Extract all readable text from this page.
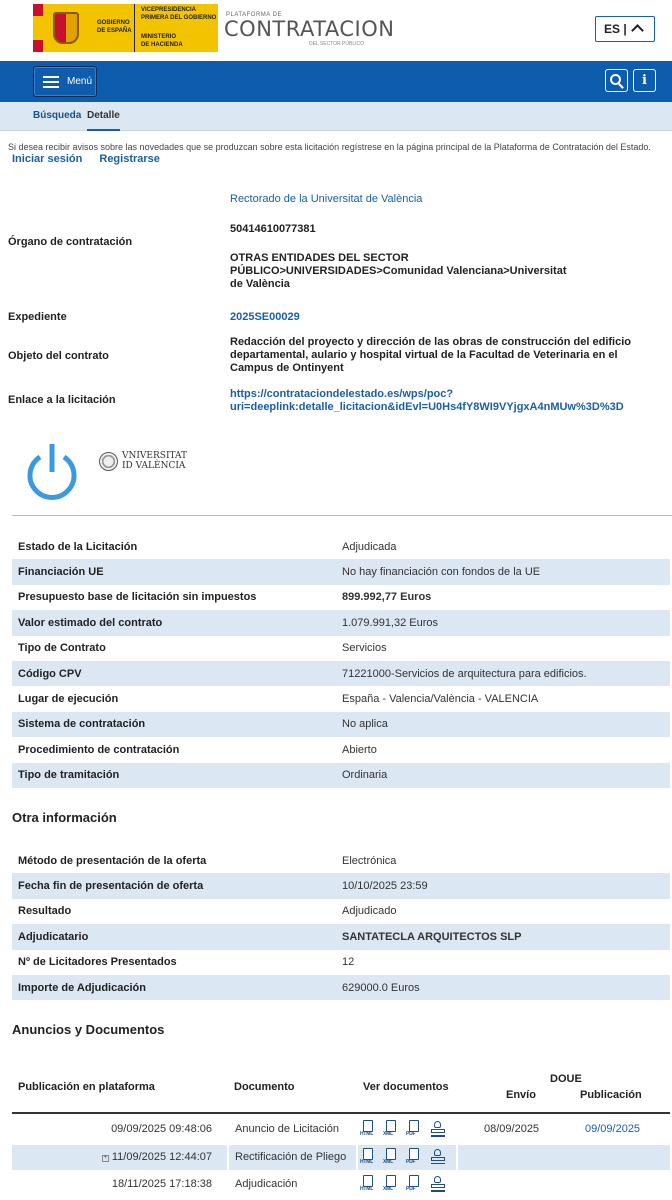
GOBIERNO
DE ESPAÑA
VICEPRESIDENCIA
PRIMERA DEL GOBIERNO
MINISTERIO
DE HACIENDA
PLATAFORMA DE
CONTRATACION
DEL SECTOR PÚBLICO
ES |
Menú	i
Búsqueda Detalle
Si desea recibir avisos sobre las novedades que se produzcan sobre esta licitación regístrese en la página principal de la Plataforma de Contratación del Estado.
Iniciar sesión Registrarse
Rectorado de la Universitat de València
Órgano de contratación
50414610077381
OTRAS ENTIDADES DEL SECTOR PÚBLICO>UNIVERSIDADES>Comunidad Valenciana>Universitat de València
Expediente	2025SE00029
Objeto del contrato
Redacción del proyecto y dirección de las obras de construcción del edificio departamental, aulario y hospital virtual de la Facultad de Veterinaria en el Campus de Ontinyent
Enlace a la licitación	https://contrataciondelestado.es/wps/poc?
uri=deeplink:detalle_licitacion&idEvl=U0Hs4fY8WI9VYjgxA4nMUw%3D%3D
VNIVERSITAT
ID VALÈNCIA
Estado de la Licitación	Adjudicada
Financiación UE	No hay financiación con fondos de la UE
Presupuesto base de licitación sin impuestos	899.992,77 Euros
Valor estimado del contrato	1.079.991,32 Euros
Tipo de Contrato	Servicios
Código CPV	71221000-Servicios de arquitectura para edificios.
Lugar de ejecución	España - Valencia/València - VALENCIA
Sistema de contratación	No aplica
Procedimiento de contratación	Abierto
Tipo de tramitación	Ordinaria
Otra información
Método de presentación de la oferta	Electrónica
Fecha fin de presentación de oferta	10/10/2025 23:59
Resultado	Adjudicado
Adjudicatario	SANTATECLA ARQUITECTOS SLP
Nº de Licitadores Presentados	12
Importe de Adjudicación	629000.0 Euros
Anuncios y Documentos
Publicación en plataforma	Documento	Ver documentos
DOUE
Envío	Publicación
09/09/2025 09:48:06 Anuncio de Licitación	HTML XML	PDF	08/09/2025	09/09/2025
+ 11/09/2025 12:44:07 Rectificación de Pliego	HTML XML	PDF
18/11/2025 17:18:38 Adjudicación	HTML XML	PDF
